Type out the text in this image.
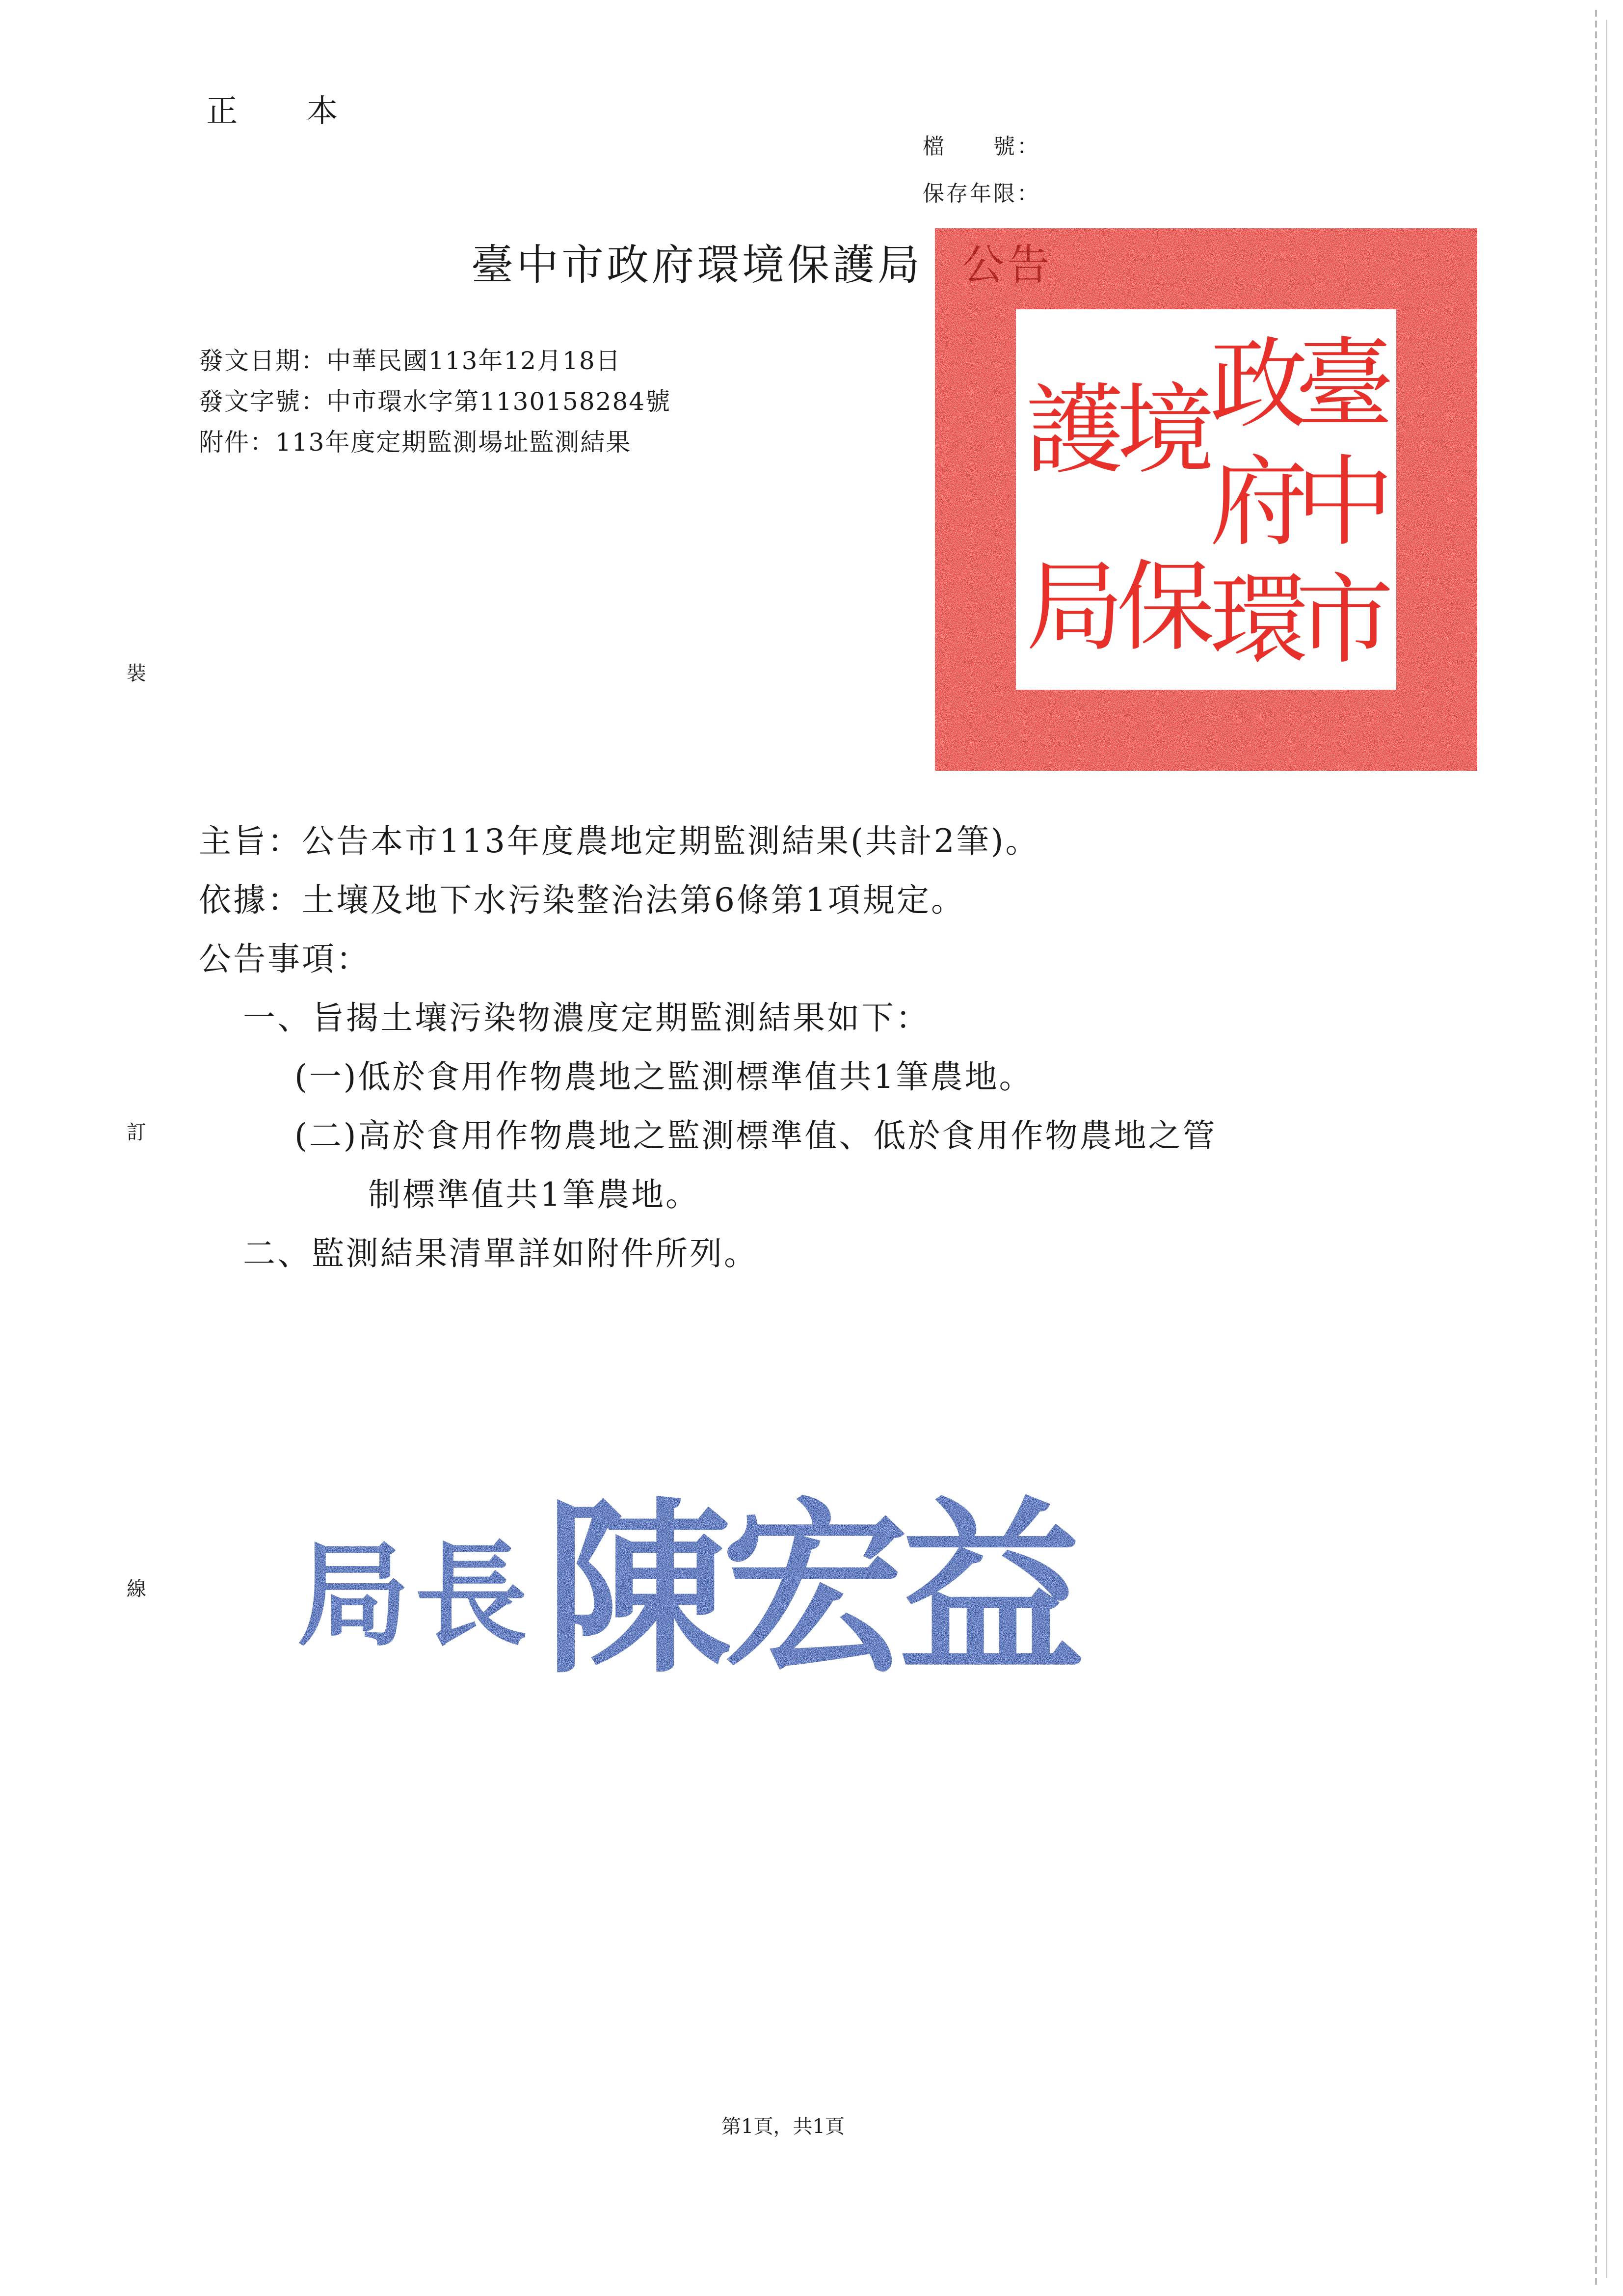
正 本
檔　　號：
保存年限：
臺中市政府環境保護局
發文日期：中華民國113年12月18日
發文字號：中市環水字第1130158284號
附件：113年度定期監測場址監測結果
臺
中
市
政
府
環
境
保
護
局
主旨：公告本市113年度農地定期監測結果(共計2筆)。
依據：土壤及地下水污染整治法第6條第1項規定。
公告事項：
一、旨揭土壤污染物濃度定期監測結果如下：
(一)低於食用作物農地之監測標準值共1筆農地。
(二)高於食用作物農地之監測標準值、低於食用作物農地之管
制標準值共1筆農地。
二、監測結果清單詳如附件所列。
裝
訂
線 局 長 陳
宏
益
第1頁，共1頁
